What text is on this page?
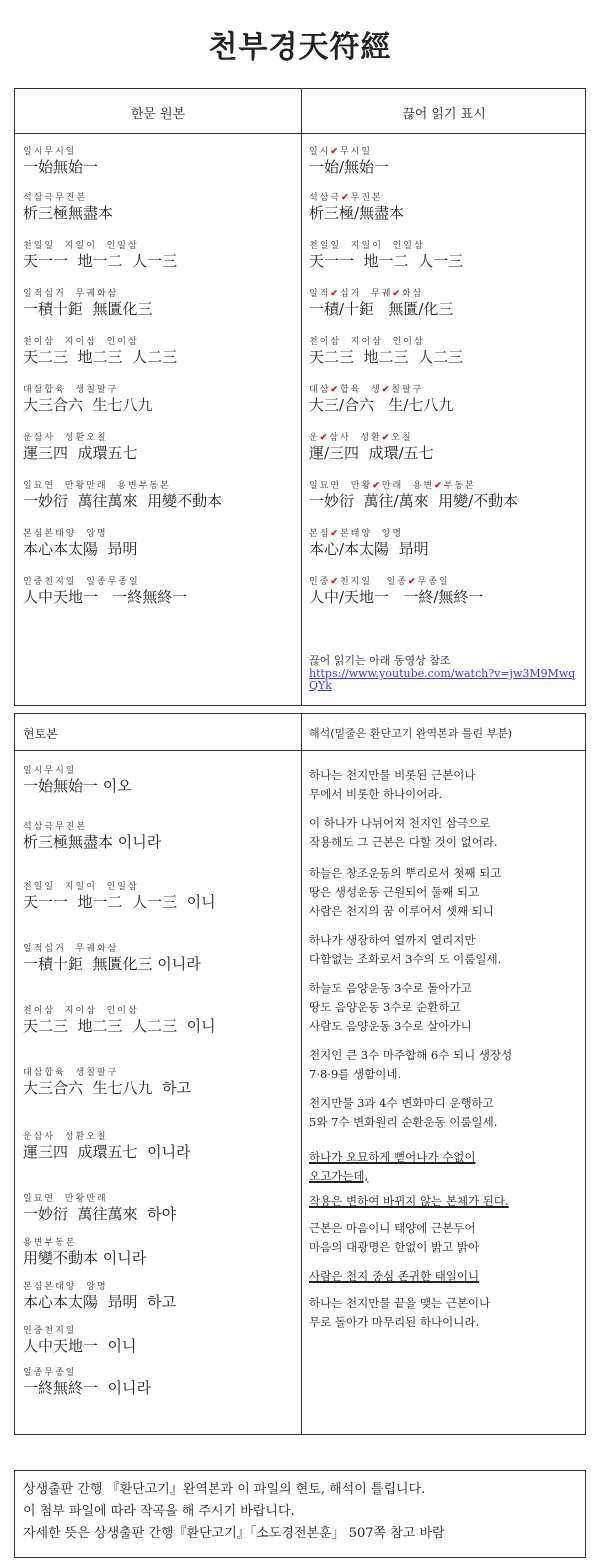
천부경天符經
한문 원본	끊어 읽기 표시
일시무시일
一始無始一
석삼극무진본
析三極無盡本
천일일  지일이  인일삼
天一一  地一二  人一三
일적십거  무궤화삼
一積十鉅  無匱化三
천이삼  지이삼  인이삼
天二三  地二三  人二三
대삼합육  생칠팔구
大三合六  生七八九
운삼사  성환오칠
運三四  成環五七
일묘연  만왕만래  용변부동본
一妙衍  萬往萬來  用變不動本
본심본태양  앙명
本心本太陽  昻明
인중천지일  일종무종일
人中天地一   一終無終一
일시✔무시일
一始/無始一
석삼극✔무진본
析三極/無盡本
천일일  지일이  인일삼
天一一  地一二  人一三
일적✔십거  무궤✔화삼
一積/十鉅   無匱/化三
천이삼  지이삼  인이삼
天二三  地二三  人二三
대삼✔합육  생✔칠팔구
大三/合六   生/七八九
운✔삼사  성환✔오칠
運/三四  成環/五七
일묘연  만왕✔만래  용변✔부동본
一妙衍  萬往/萬來  用變/不動本
본심✔본태양  앙명
本心/本太陽  昻明
인중✔천지일   일종✔무종일
人中/天地一   一終/無終一
끊어 읽기는 아래 동영상 참조
https://www.youtube.com/watch?v=jw3M9MwqQYk
현토본	해석(밑줄은 환단고기 완역본과 틀린 부분)
일시무시일
一始無始一 이오
석삼극무진본
析三極無盡本 이니라
천일일  지일이  인일삼
天一一  地一二  人一三  이니
일적십거  무궤화삼
一積十鉅  無匱化三 이니라
천이삼  지이삼  인이삼
天二三  地二三  人二三  이니
대삼합육  생칠팔구
大三合六  生七八九  하고
운삼사  성환오칠
運三四  成環五七  이니라
일묘연  만왕만래
一妙衍  萬往萬來  하야
용변부동본
用變不動本 이니라
본심본태양  앙명
本心本太陽  昻明  하고
인중천지일
人中天地一  이니
일종무종일
一終無終一  이니라
하나는 천지만물 비롯된 근본이나
무에서 비롯한 하나이어라.
이 하나가 나뉘어져 천지인 삼극으로
작용해도 그 근본은 다할 것이 없어라.
하늘은 창조운동의 뿌리로서 첫째 되고
땅은 생성운동 근원되어 둘째 되고
사람은 천지의 꿈 이루어서 셋째 되니
하나가 생장하여 열까지 열리지만
다함없는 조화로서 3수의 도 이룸일세.
하늘도 음양운동 3수로 돌아가고
땅도 음양운동 3수로 순환하고
사람도 음양운동 3수로 살아가니
천지인 큰 3수 마주합해 6수 되니 생장성
7·8·9를 생함이네.
천지만물 3과 4수 변화마디 운행하고
5와 7수 변화원리 순환운동 이룸일세.
하나가 오묘하게 뻗어나가 수없이
오고가는데,
작용은 변하여 바뀌지 않는 본체가 된다.
근본은 마음이니 태양에 근본두어
마음의 대광명은 한없이 밝고 밝아
사람은 천지 중심 존귀한 태일이니
하나는 천지만물 끝을 맺는 근본이나
무로 돌아가 마무리된 하나이니라.
상생출판 간행 『환단고기』완역본과 이 파일의 현토, 해석이 틀립니다.
이 첨부 파일에 따라 작곡을 해 주시기 바랍니다.
자세한 뜻은 상생출판 간행『환단고기』「소도경전본훈」 507쪽 참고 바람
